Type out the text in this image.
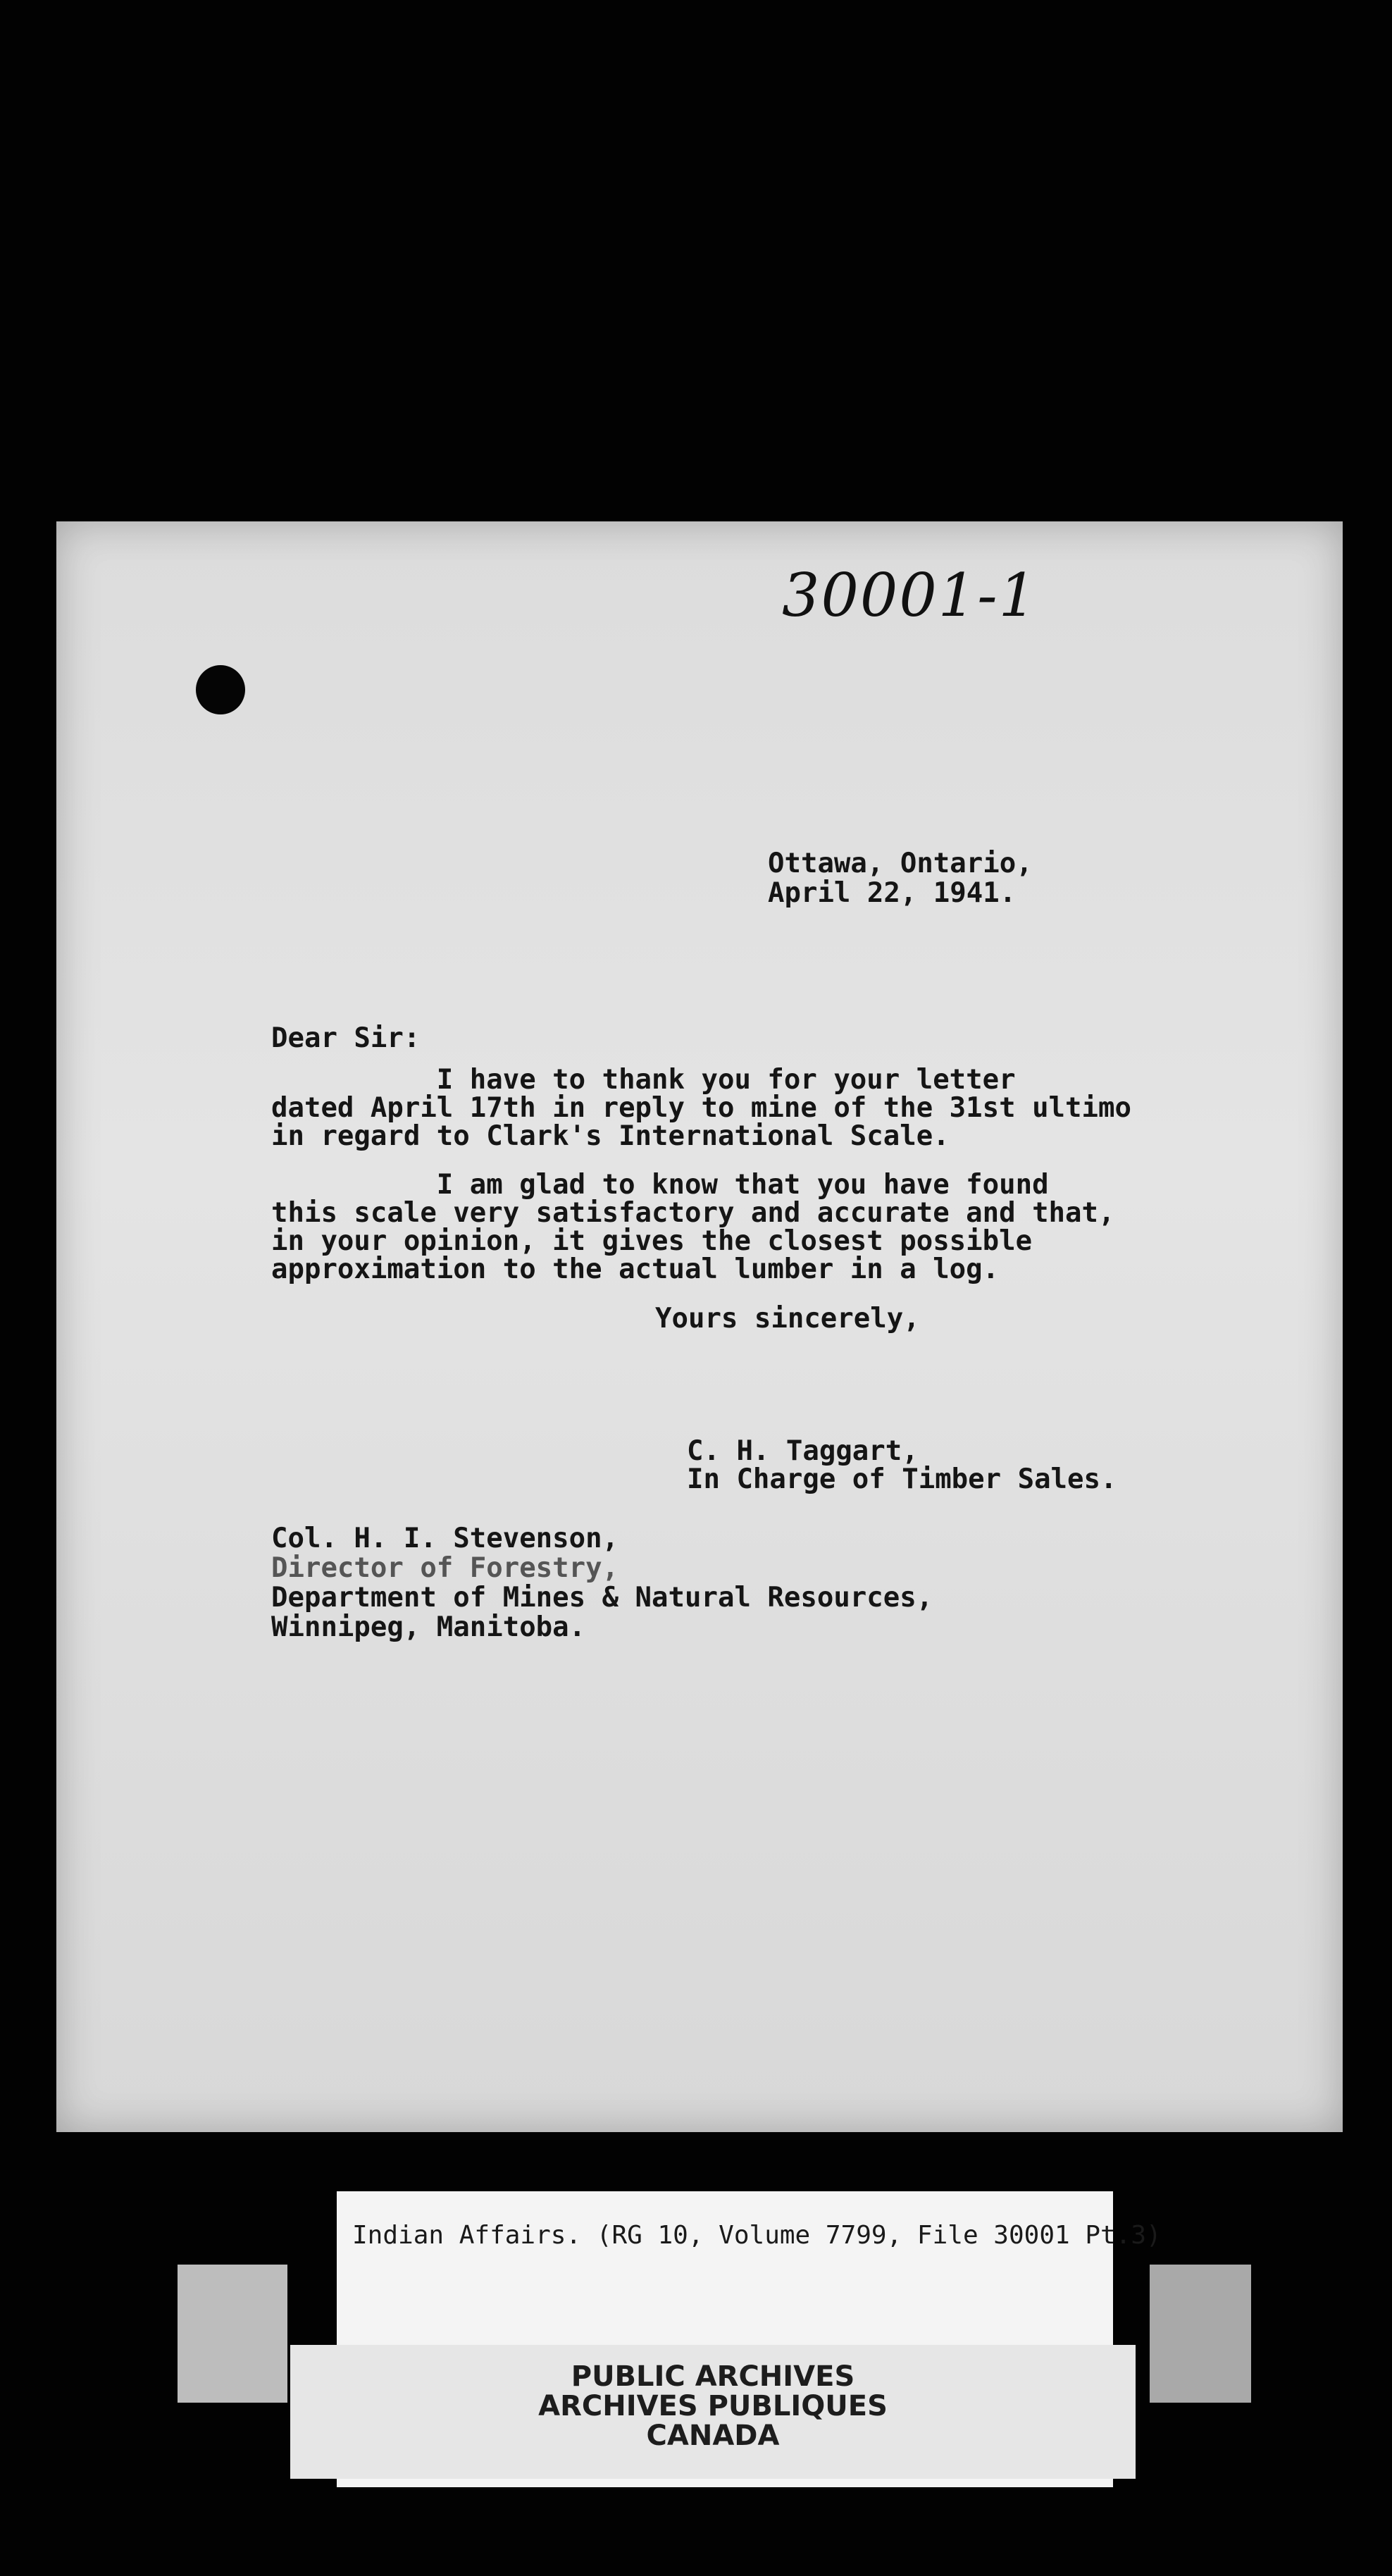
30001-1
Ottawa, Ontario,
April 22, 1941.
Dear Sir:
I have to thank you for your letter
dated April 17th in reply to mine of the 31st ultimo
in regard to Clark's International Scale.
I am glad to know that you have found
this scale very satisfactory and accurate and that,
in your opinion, it gives the closest possible
approximation to the actual lumber in a log.
Yours sincerely,
C. H. Taggart,
In Charge of Timber Sales.
Col. H. I. Stevenson,
Director of Forestry,
Department of Mines & Natural Resources,
Winnipeg, Manitoba.
Indian Affairs. (RG 10, Volume 7799, File 30001 Pt.3)
PUBLIC ARCHIVES
ARCHIVES PUBLIQUES
CANADA
